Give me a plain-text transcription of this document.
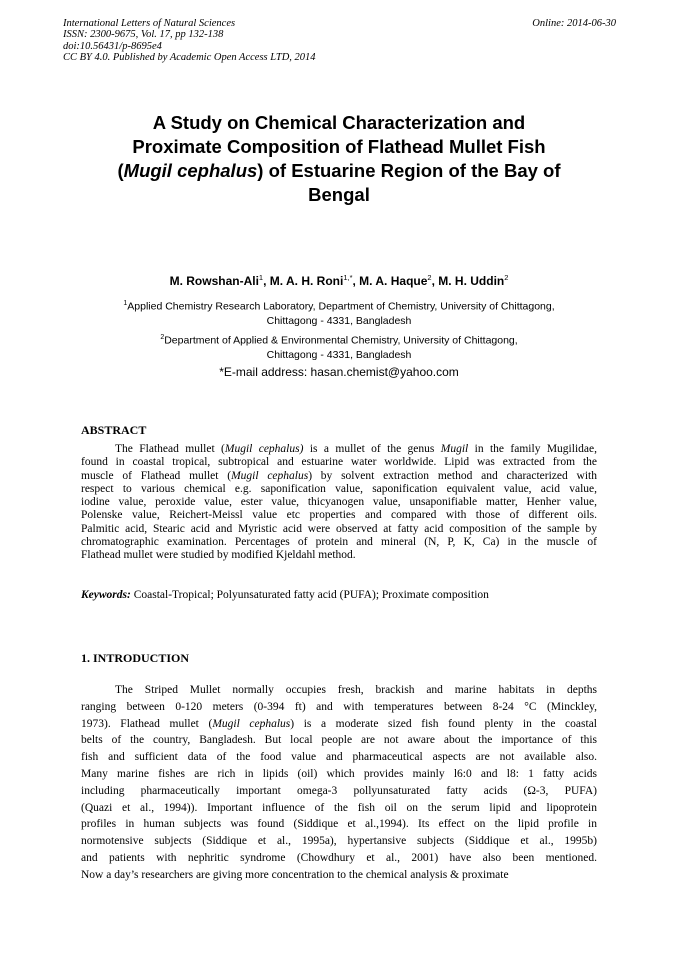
International Letters of Natural Sciences
ISSN: 2300-9675, Vol. 17, pp 132-138
doi:10.56431/p-8695e4
CC BY 4.0. Published by Academic Open Access LTD, 2014
Online: 2014-06-30
A Study on Chemical Characterization and
Proximate Composition of Flathead Mullet Fish
(Mugil cephalus) of Estuarine Region of the Bay of
Bengal
M. Rowshan-Ali$^1$, M. A. H. Roni$^{1,*}$, M. A. Haque$^2$, M. H. Uddin$^2$
$^1$Applied Chemistry Research Laboratory, Department of Chemistry, University of Chittagong,
Chittagong - 4331, Bangladesh
$^2$Department of Applied & Environmental Chemistry, University of Chittagong,
Chittagong - 4331, Bangladesh
*E-mail address: hasan.chemist@yahoo.com
ABSTRACT
The Flathead mullet (Mugil cephalus) is a mullet of the genus Mugil in the family Mugilidae,
found in coastal tropical, subtropical and estuarine water worldwide. Lipid was extracted from the
muscle of Flathead mullet (Mugil cephalus) by solvent extraction method and characterized with
respect to various chemical e.g. saponification value, saponification equivalent value, acid value,
iodine value, peroxide value, ester value, thicyanogen value, unsaponifiable matter, Henher value,
Polenske value, Reichert-Meissl value etc properties and compared with those of different oils.
Palmitic acid, Stearic acid and Myristic acid were observed at fatty acid composition of the sample by
chromatographic examination. Percentages of protein and mineral (N, P, K, Ca) in the muscle of
Flathead mullet were studied by modified Kjeldahl method.
Keywords: Coastal-Tropical; Polyunsaturated fatty acid (PUFA); Proximate composition
1. INTRODUCTION
The Striped Mullet normally occupies fresh, brackish and marine habitats in depths
ranging between 0-120 meters (0-394 ft) and with temperatures between 8-24 °C (Minckley,
1973). Flathead mullet (Mugil cephalus) is a moderate sized fish found plenty in the coastal
belts of the country, Bangladesh. But local people are not aware about the importance of this
fish and sufficient data of the food value and pharmaceutical aspects are not available also.
Many marine fishes are rich in lipids (oil) which provides mainly l6:0 and l8: 1 fatty acids
including pharmaceutically important omega-3 pollyunsaturated fatty acids (Ω-3, PUFA)
(Quazi et al., 1994)). Important influence of the fish oil on the serum lipid and lipoprotein
profiles in human subjects was found (Siddique et al.,1994). Its effect on the lipid profile in
normotensive subjects (Siddique et al., 1995a), hypertansive subjects (Siddique et al., 1995b)
and patients with nephritic syndrome (Chowdhury et al., 2001) have also been mentioned.
Now a day’s researchers are giving more concentration to the chemical analysis & proximate
